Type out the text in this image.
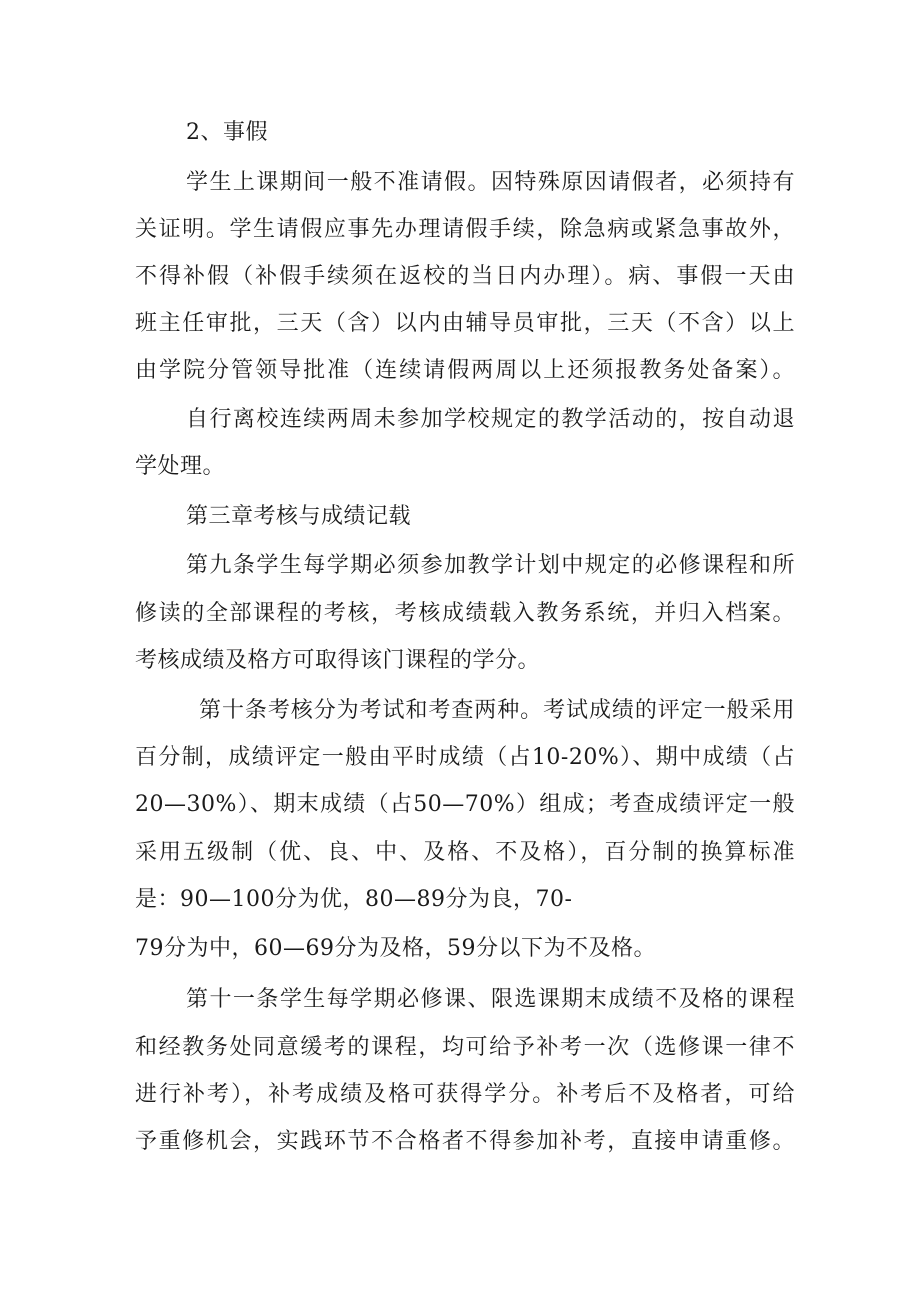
2、事假
学生上课期间一般不准请假。因特殊原因请假者，必须持有
关证明。学生请假应事先办理请假手续，除急病或紧急事故外，
不得补假（补假手续须在返校的当日内办理）。病、事假一天由
班主任审批，三天（含）以内由辅导员审批，三天（不含）以上
由学院分管领导批准（连续请假两周以上还须报教务处备案）。
自行离校连续两周未参加学校规定的教学活动的，按自动退
学处理。
第三章考核与成绩记载
第九条学生每学期必须参加教学计划中规定的必修课程和所
修读的全部课程的考核，考核成绩载入教务系统，并归入档案。
考核成绩及格方可取得该门课程的学分。
第十条考核分为考试和考查两种。考试成绩的评定一般采用
百分制，成绩评定一般由平时成绩（占10-20%）、期中成绩（占
20—30%）、期末成绩（占50—70%）组成；考查成绩评定一般
采用五级制（优、良、中、及格、不及格），百分制的换算标准
是：90—100分为优，80—89分为良，70-
79分为中，60—69分为及格，59分以下为不及格。
第十一条学生每学期必修课、限选课期末成绩不及格的课程
和经教务处同意缓考的课程，均可给予补考一次（选修课一律不
进行补考），补考成绩及格可获得学分。补考后不及格者，可给
予重修机会，实践环节不合格者不得参加补考，直接申请重修。
